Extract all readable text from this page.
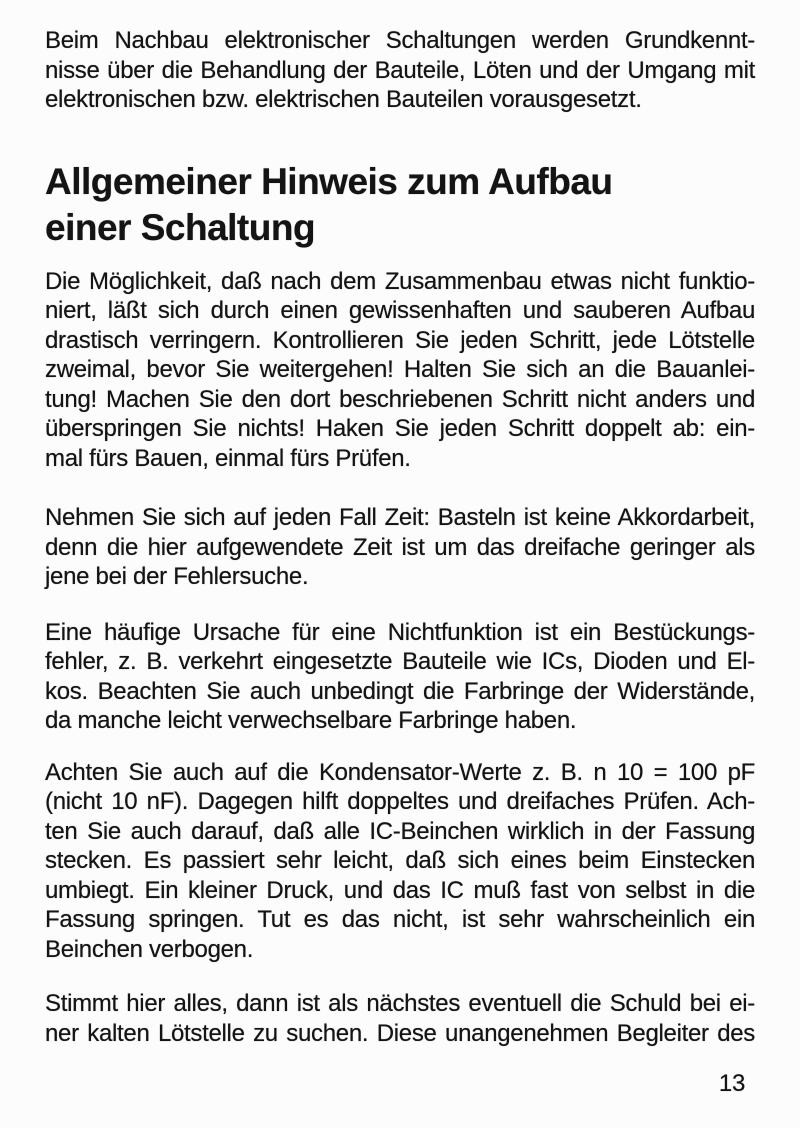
Beim Nachbau elektronischer Schaltungen werden Grundkennt-
nisse über die Behandlung der Bauteile, Löten und der Umgang mit
elektronischen bzw. elektrischen Bauteilen vorausgesetzt.
Allgemeiner Hinweis zum Aufbau
einer Schaltung
Die Möglichkeit, daß nach dem Zusammenbau etwas nicht funktio-
niert, läßt sich durch einen gewissenhaften und sauberen Aufbau
drastisch verringern. Kontrollieren Sie jeden Schritt, jede Lötstelle
zweimal, bevor Sie weitergehen! Halten Sie sich an die Bauanlei-
tung! Machen Sie den dort beschriebenen Schritt nicht anders und
überspringen Sie nichts! Haken Sie jeden Schritt doppelt ab: ein-
mal fürs Bauen, einmal fürs Prüfen.
Nehmen Sie sich auf jeden Fall Zeit: Basteln ist keine Akkordarbeit,
denn die hier aufgewendete Zeit ist um das dreifache geringer als
jene bei der Fehlersuche.
Eine häufige Ursache für eine Nichtfunktion ist ein Bestückungs-
fehler, z. B. verkehrt eingesetzte Bauteile wie ICs, Dioden und El-
kos. Beachten Sie auch unbedingt die Farbringe der Widerstände,
da manche leicht verwechselbare Farbringe haben.
Achten Sie auch auf die Kondensator-Werte z. B. n 10 = 100 pF
(nicht 10 nF). Dagegen hilft doppeltes und dreifaches Prüfen. Ach-
ten Sie auch darauf, daß alle IC-Beinchen wirklich in der Fassung
stecken. Es passiert sehr leicht, daß sich eines beim Einstecken
umbiegt. Ein kleiner Druck, und das IC muß fast von selbst in die
Fassung springen. Tut es das nicht, ist sehr wahrscheinlich ein
Beinchen verbogen.
Stimmt hier alles, dann ist als nächstes eventuell die Schuld bei ei-
ner kalten Lötstelle zu suchen. Diese unangenehmen Begleiter des
13
